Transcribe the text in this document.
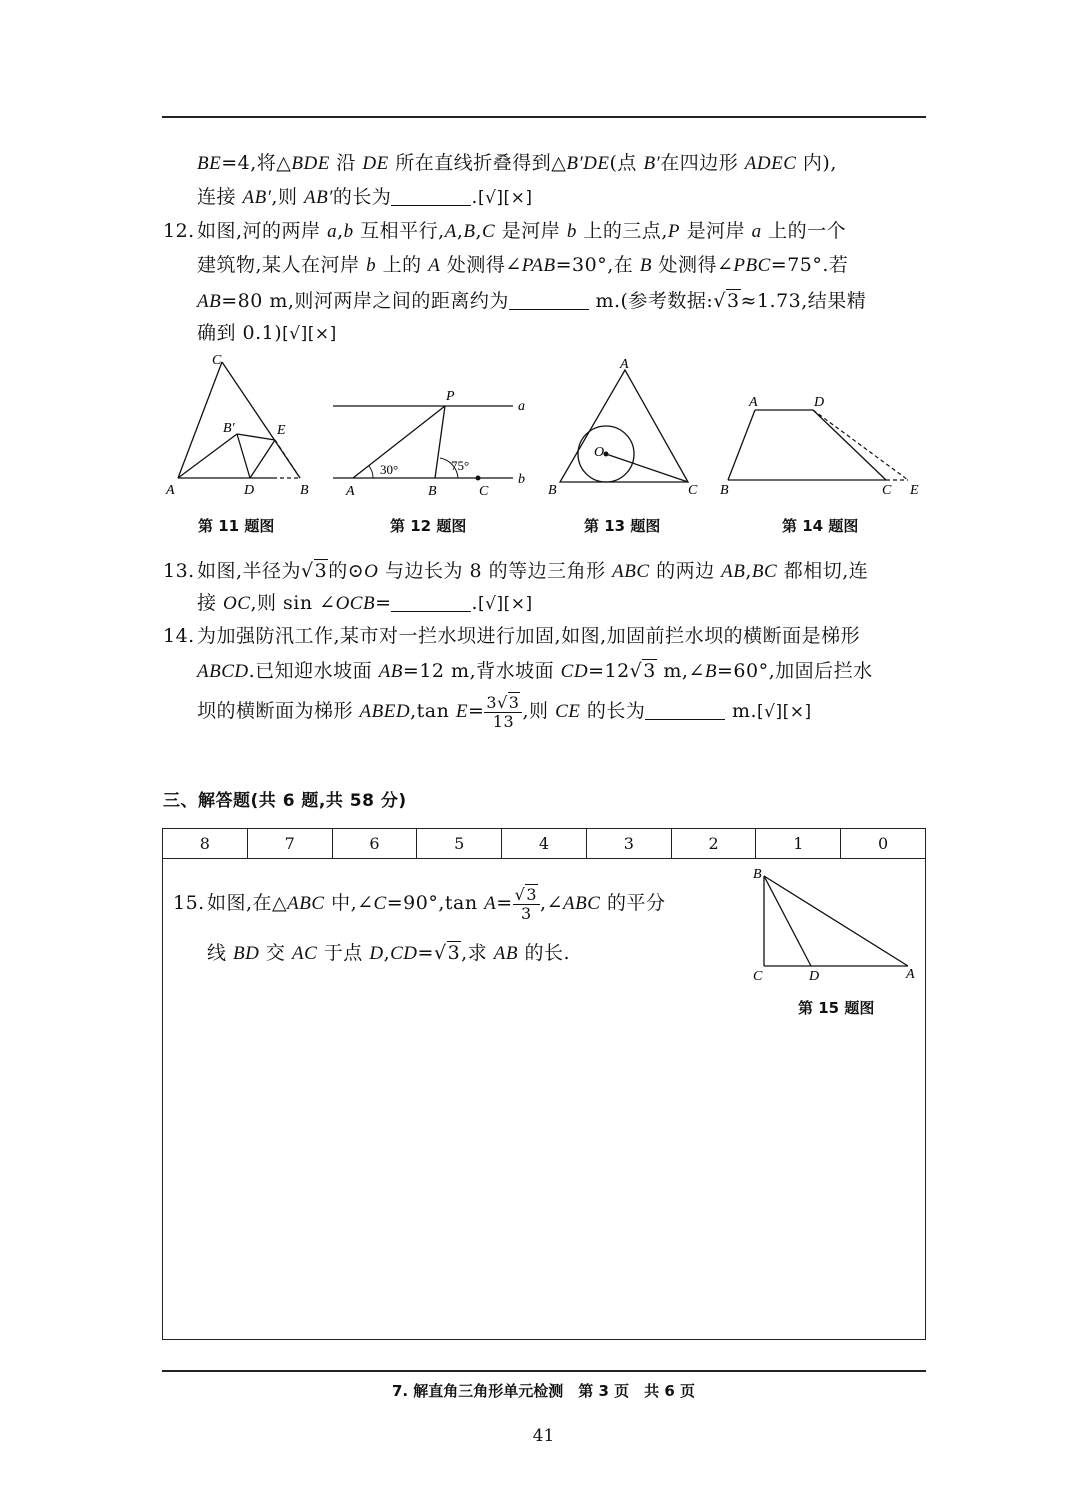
BE=4,将△BDE 沿 DE 所在直线折叠得到△B′DE(点 B′在四边形 ADEC 内),
连接 AB′,则 AB′的长为	.[√][×]
12. 如图,河的两岸 a,b 互相平行,A,B,C 是河岸 b 上的三点,P 是河岸 a 上的一个
建筑物,某人在河岸 b 上的 A 处测得∠PAB=30°,在 B 处测得∠PBC=75°.若
AB=80 m,则河两岸之间的距离约为	m.(参考数据:√3≈1.73,结果精
确到 0.1)[√][×]
C
B′	E
A	D	B
P
a
b
A	B	C
30°	75°
A
O
B	C
A	D
B	C E
第 11 题图	第 12 题图	第 13 题图	第 14 题图
13. 如图,半径为√3的⊙O 与边长为 8 的等边三角形 ABC 的两边 AB,BC 都相切,连
接 OC,则 sin ∠OCB=	.[√][×]
14. 为加强防汛工作,某市对一拦水坝进行加固,如图,加固前拦水坝的横断面是梯形
ABCD.已知迎水坡面 AB=12 m,背水坡面 CD=12√3 m,∠B=60°,加固后拦水
坝的横断面为梯形 ABED,tan $E= \frac{3√3}{13}$ ,则 CE 的长为	m.[√][×]
三、解答题(共 6 题,共 58 分)
8	7	6	5	4	3	2	1	0
15. 如图,在△ABC 中,∠C=90°,tan $A= \frac{√3}{3}$ ,∠ABC 的平分
线 BD 交 AC 于点 D,CD=√3,求 AB 的长.
B
C	D	A
第 15 题图
7. 解直角三角形单元检测　第 3 页　共 6 页
41
